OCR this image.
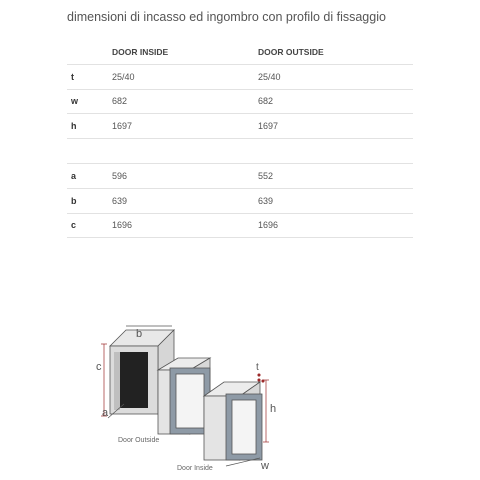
dimensioni di incasso ed ingombro con profilo di fissaggio
	DOOR INSIDE	DOOR OUTSIDE
t	25/40	25/40
w	682	682
h	1697	1697

a	596	552
b	639	639
c	1696	1696
c
b
a
Door Outside
Door Inside
t
h
w
